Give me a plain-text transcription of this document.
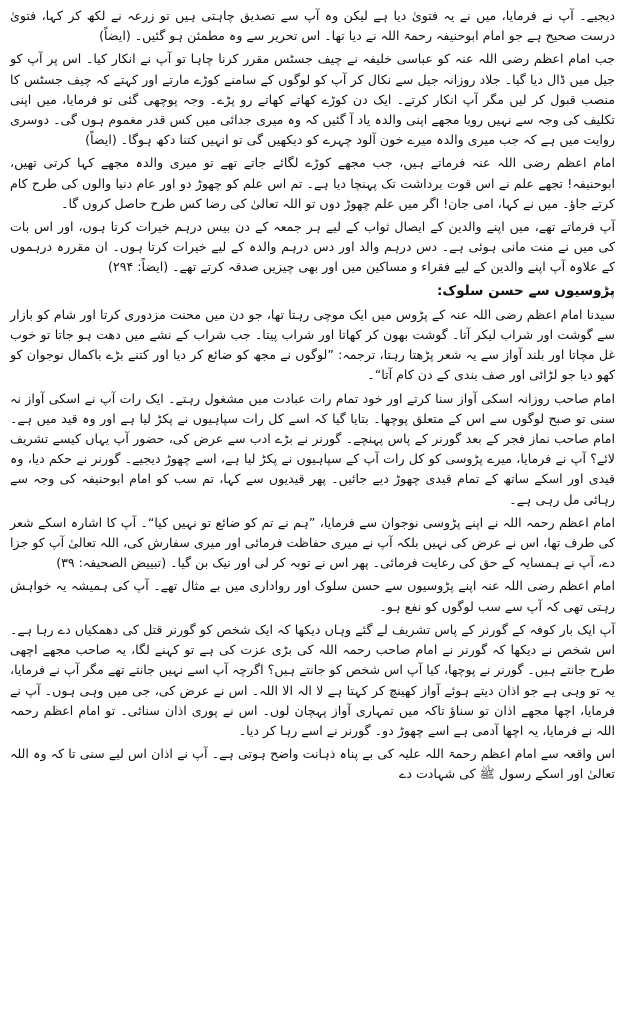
دیجیے۔ آپ نے فرمایا، میں نے یہ فتویٰ دیا ہے لیکن وہ آپ سے تصدیق چاہتی ہیں تو زرعہ نے لکھ کر کہا، فتویٰ درست صحیح ہے جو امام ابوحنیفہ رحمۃ اللہ نے دیا تھا۔ اس تحریر سے وہ مطمئن ہو گئیں۔ (ایضاً)

جب امام اعظم رضی اللہ عنہ کو عباسی خلیفہ نے چیف جسٹس مقرر کرنا چاہا تو آپ نے انکار کیا۔ اس پر آپ کو جیل میں ڈال دیا گیا۔ جلاد روزانہ جیل سے نکال کر آپ کو لوگوں کے سامنے کوڑے مارتے اور کہتے کہ چیف جسٹس کا منصب قبول کر لیں مگر آپ انکار کرتے۔ ایک دن کوڑے کھاتے کھاتے رو پڑے۔ وجہ پوچھی گئی تو فرمایا، میں اپنی تکلیف کی وجہ سے نہیں رویا مجھے اپنی والدہ یاد آ گئیں کہ وہ میری جدائی میں کس قدر مغموم ہوں گی۔ دوسری روایت میں ہے کہ جب میری والدہ میرے خون آلود چہرے کو دیکھیں گی تو انہیں کتنا دکھ ہوگا۔ (ایضاً)

امام اعظم رضی اللہ عنہ فرماتے ہیں، جب مجھے کوڑے لگائے جاتے تھے تو میری والدہ مجھے کہا کرتی تھیں، ابوحنیفہ! تجھے علم نے اس قوت برداشت تک پہنچا دیا ہے۔ تم اس علم کو چھوڑ دو اور عام دنیا والوں کی طرح کام کرتے جاؤ۔ میں نے کہا، امی جان! اگر میں علم چھوڑ دوں تو اللہ تعالیٰ کی رضا کس طرح حاصل کروں گا۔

آپ فرماتے تھے، میں اپنے والدین کے ایصال ثواب کے لیے ہر جمعہ کے دن بیس درہم خیرات کرتا ہوں، اور اس بات کی میں نے منت مانی ہوئی ہے۔ دس درہم والد اور دس درہم والدہ کے لیے خیرات کرتا ہوں۔ ان مقررہ درہموں کے علاوہ آپ اپنے والدین کے لیے فقراء و مساکین میں اور بھی چیزیں صدقہ کرتے تھے۔ (ایضاً: ۲۹۴)

پڑوسیوں سے حسن سلوک:

سیدنا امام اعظم رضی اللہ عنہ کے پڑوس میں ایک موچی رہتا تھا، جو دن میں محنت مزدوری کرتا اور شام کو بازار سے گوشت اور شراب لیکر آتا۔ گوشت بھون کر کھاتا اور شراب پیتا۔ جب شراب کے نشے میں دھت ہو جاتا تو خوب غل مچاتا اور بلند آواز سے یہ شعر پڑھتا رہتا، ترجمہ: ”لوگوں نے مجھ کو ضائع کر دیا اور کتنے بڑے باکمال نوجوان کو کھو دیا جو لڑائی اور صف بندی کے دن کام آتا“۔

امام صاحب روزانہ اسکی آواز سنا کرتے اور خود تمام رات عبادت میں مشغول رہتے۔ ایک رات آپ نے اسکی آواز نہ سنی تو صبح لوگوں سے اس کے متعلق پوچھا۔ بتایا گیا کہ اسے کل رات سپاہیوں نے پکڑ لیا ہے اور وہ قید میں ہے۔ امام صاحب نماز فجر کے بعد گورنر کے پاس پہنچے۔ گورنر نے بڑے ادب سے عرض کی، حضور آپ یہاں کیسے تشریف لائے؟ آپ نے فرمایا، میرے پڑوسی کو کل رات آپ کے سپاہیوں نے پکڑ لیا ہے، اسے چھوڑ دیجیے۔ گورنر نے حکم دیا، وہ قیدی اور اسکے ساتھ کے تمام قیدی چھوڑ دیے جائیں۔ پھر قیدیوں سے کہا، تم سب کو امام ابوحنیفہ کی وجہ سے رہائی مل رہی ہے۔

امام اعظم رحمہ اللہ نے اپنے پڑوسی نوجوان سے فرمایا، ”ہم نے تم کو ضائع تو نہیں کیا“۔ آپ کا اشارہ اسکے شعر کی طرف تھا، اس نے عرض کی نہیں بلکہ آپ نے میری حفاظت فرمائی اور میری سفارش کی، اللہ تعالیٰ آپ کو جزا دے، آپ نے ہمسایہ کے حق کی رعایت فرمائی۔ پھر اس نے توبہ کر لی اور نیک بن گیا۔ (تبییض الصحیفہ: ۳۹)

امام اعظم رضی اللہ عنہ اپنے پڑوسیوں سے حسن سلوک اور رواداری میں بے مثال تھے۔ آپ کی ہمیشہ یہ خواہش رہتی تھی کہ آپ سے سب لوگوں کو نفع ہو۔

آپ ایک بار کوفہ کے گورنر کے پاس تشریف لے گئے وہاں دیکھا کہ ایک شخص کو گورنر قتل کی دھمکیاں دے رہا ہے۔ اس شخص نے دیکھا کہ گورنر نے امام صاحب رحمہ اللہ کی بڑی عزت کی ہے تو کہنے لگا، یہ صاحب مجھے اچھی طرح جانتے ہیں۔ گورنر نے پوچھا، کیا آپ اس شخص کو جانتے ہیں؟ اگرچہ آپ اسے نہیں جانتے تھے مگر آپ نے فرمایا، یہ تو وہی ہے جو اذان دیتے ہوئے آواز کھینچ کر کہتا ہے لا الہ الا اللہ۔ اس نے عرض کی، جی میں وہی ہوں۔ آپ نے فرمایا، اچھا مجھے اذان تو سناؤ تاکہ میں تمہاری آواز پہچان لوں۔ اس نے پوری اذان سنائی۔ تو امام اعظم رحمہ اللہ نے فرمایا، یہ اچھا آدمی ہے اسے چھوڑ دو۔ گورنر نے اسے رہا کر دیا۔

اس واقعہ سے امام اعظم رحمۃ اللہ علیہ کی بے پناہ ذہانت واضح ہوتی ہے۔ آپ نے اذان اس لیے سنی تا کہ وہ اللہ تعالیٰ اور اسکے رسول ﷺ کی شہادت دے
